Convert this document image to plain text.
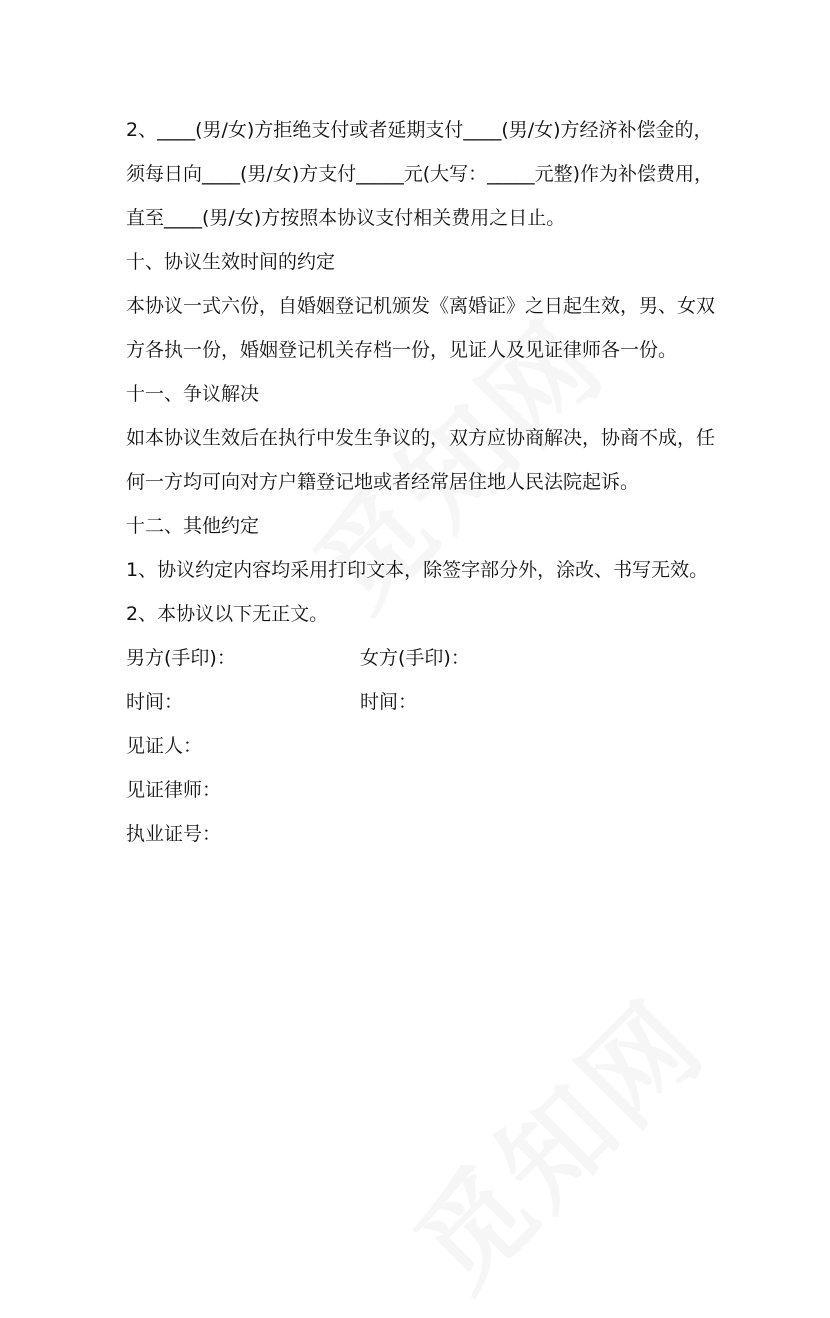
2、____(男/女)方拒绝支付或者延期支付____(男/女)方经济补偿金的，须每日向____(男/女)方支付_____元(大写：_____元整)作为补偿费用，直至____(男/女)方按照本协议支付相关费用之日止。

十、协议生效时间的约定

本协议一式六份，自婚姻登记机颁发《离婚证》之日起生效，男、女双方各执一份，婚姻登记机关存档一份，见证人及见证律师各一份。

十一、争议解决

如本协议生效后在执行中发生争议的，双方应协商解决，协商不成，任何一方均可向对方户籍登记地或者经常居住地人民法院起诉。

十二、其他约定

1、协议约定内容均采用打印文本，除签字部分外，涂改、书写无效。

2、本协议以下无正文。

男方(手印)：	女方(手印)：
时间：	时间：
见证人：
见证律师：
执业证号：
